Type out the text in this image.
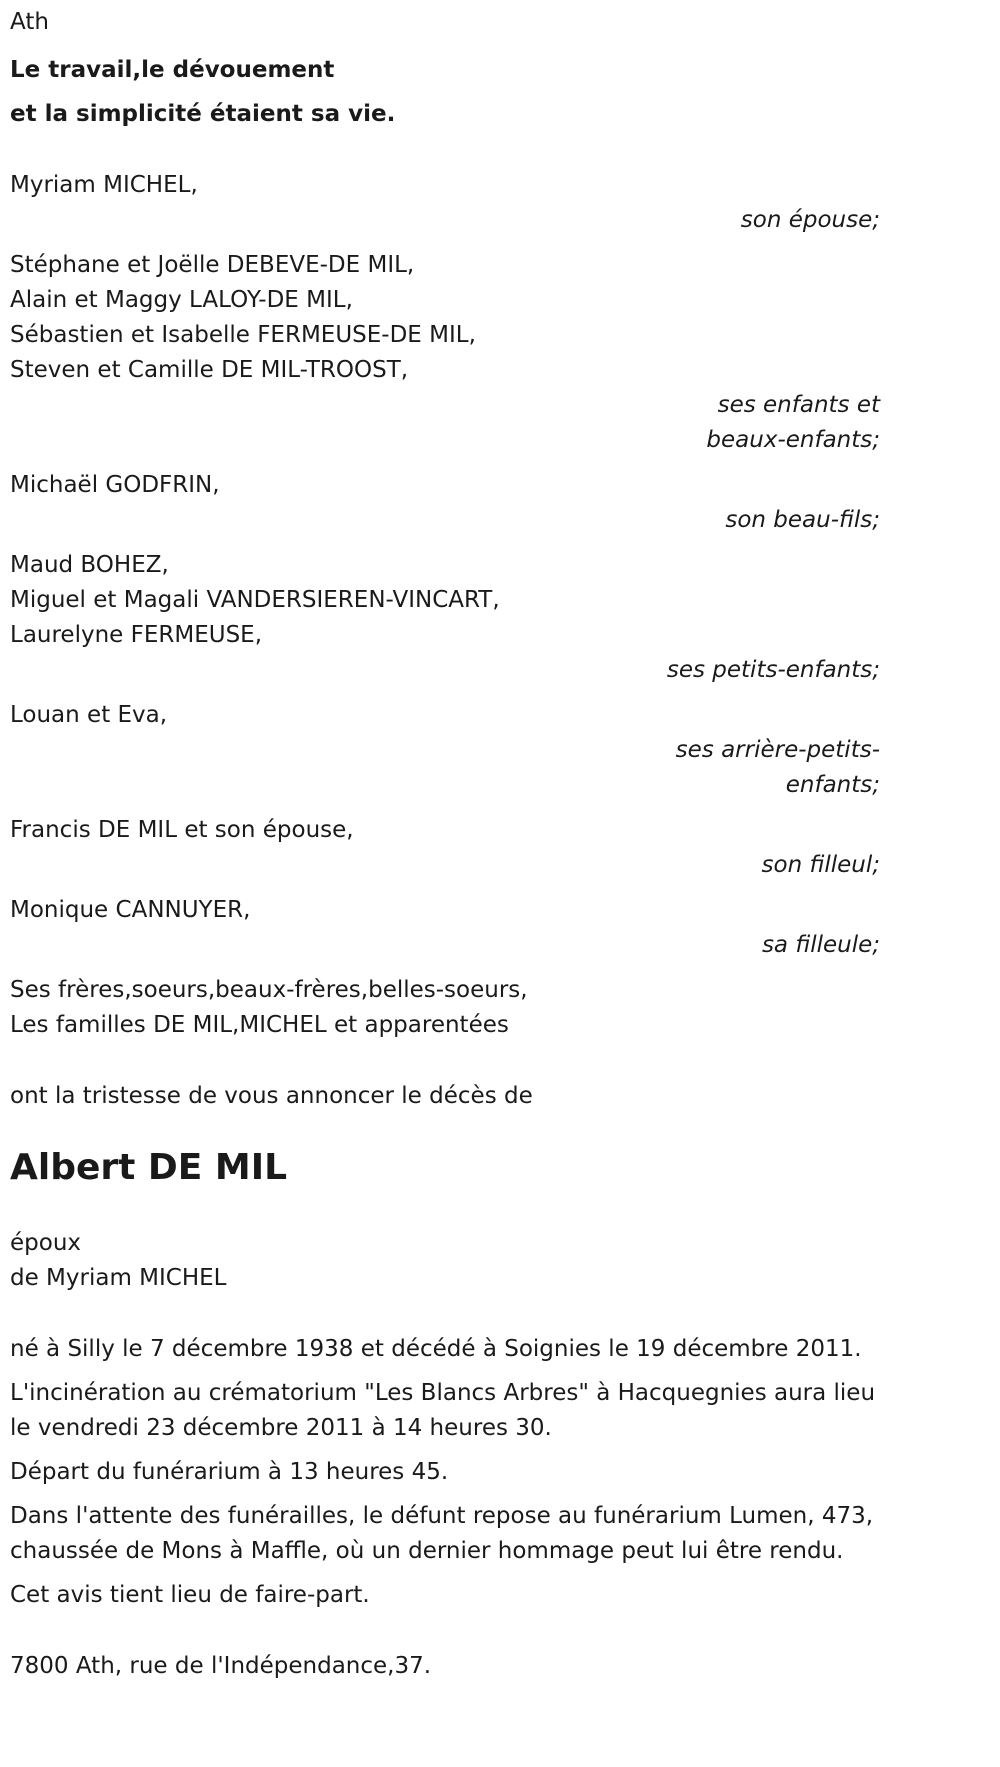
Ath

Le travail,le dévouement
et la simplicité étaient sa vie.

Myriam MICHEL,

son épouse;

Stéphane et Joëlle DEBEVE-DE MIL,

Alain et Maggy LALOY-DE MIL,

Sébastien et Isabelle FERMEUSE-DE MIL,

Steven et Camille DE MIL-TROOST,

ses enfants et
beaux-enfants;

Michaël GODFRIN,

son beau-fils;

Maud BOHEZ,

Miguel et Magali VANDERSIEREN-VINCART,

Laurelyne FERMEUSE,

ses petits-enfants;

Louan et Eva,

ses arrière-petits-
enfants;

Francis DE MIL et son épouse,

son filleul;

Monique CANNUYER,

sa filleule;

Ses frères,soeurs,beaux-frères,belles-soeurs,

Les familles DE MIL,MICHEL et apparentées

ont la tristesse de vous annoncer le décès de

Albert DE MIL

époux

de Myriam MICHEL

né à Silly le 7 décembre 1938 et décédé à Soignies le 19 décembre 2011.

L'incinération au crématorium "Les Blancs Arbres" à Hacquegnies aura lieu le vendredi 23 décembre 2011 à 14 heures 30.

Départ du funérarium à 13 heures 45.

Dans l'attente des funérailles, le défunt repose au funérarium Lumen, 473, chaussée de Mons à Maffle, où un dernier hommage peut lui être rendu.

Cet avis tient lieu de faire-part.

7800 Ath, rue de l'Indépendance,37.
